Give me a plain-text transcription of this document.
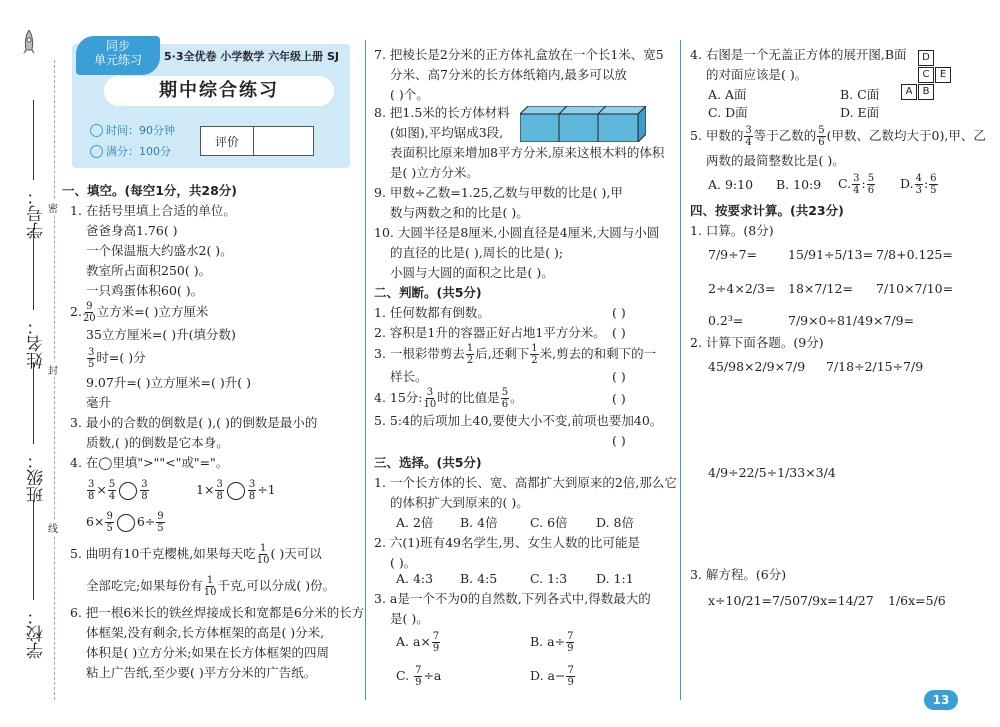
学号：
姓名：
班级：
学校：
密
封
线
同步
单元练习	5·3全优卷 小学数学 六年级上册 SJ
期中综合练习
时间：90分钟
满分：100分
评价
一、填空。(每空1分，共28分)
1. 在括号里填上合适的单位。
爸爸身高1.76( )
一个保温瓶大约盛水2( )。
教室所占面积250( )。
一只鸡蛋体积60( )。
2. $\frac{9}{20}$ 立方米=( )立方厘米
35立方厘米=( )升(填分数)
$\frac{3}{5}$ 时=( )分
9.07升=( )立方厘米=( )升( )
毫升
3. 最小的合数的倒数是( ),( )的倒数是最小的
质数,( )的倒数是它本身。
4. 在◯里填">""<"或"="。
$\frac{3}{8} \times \frac{5}{4} \frac{3}{8}$	$1\times \frac{3}{8} \frac{3}{8} \div 1$
$6\times \frac{9}{5} 6\div \frac{9}{5}$
5. 曲明有10千克樱桃,如果每天吃 $\frac{1}{10}$ ( )天可以
全部吃完;如果每份有 $\frac{1}{10}$ 千克,可以分成( )份。
6. 把一根6米长的铁丝焊接成长和宽都是6分米的长方
体框架,没有剩余,长方体框架的高是( )分米,
体积是( )立方分米;如果在长方体框架的四周
粘上广告纸,至少要( )平方分米的广告纸。
7. 把棱长是2分米的正方体礼盒放在一个长1米、宽5
分米、高7分米的长方体纸箱内,最多可以放
( )个。
8. 把1.5米的长方体材料
(如图),平均锯成3段,
表面积比原来增加8平方分米,原来这根木料的体积
是( )立方分米。
9. 甲数÷乙数=1.25,乙数与甲数的比是( ),甲
数与两数之和的比是( )。
10. 大圆半径是8厘米,小圆直径是4厘米,大圆与小圆
的直径的比是( ),周长的比是( );
小圆与大圆的面积之比是( )。
二、判断。(共5分)
1. 任何数都有倒数。	( )
2. 容积是1升的容器正好占地1平方分米。 ( )
3. 一根彩带剪去 $\frac{1}{2}$ 后,还剩下 $\frac{1}{2}$ 米,剪去的和剩下的一
样长。	( )
4. 15分: $\frac{3}{10}$ 时的比值是 $\frac{5}{6}$ 。	( )
5. 5:4的后项加上40,要使大小不变,前项也要加40。
( )
三、选择。(共5分)
1. 一个长方体的长、宽、高都扩大到原来的2倍,那么它
的体积扩大到原来的( )。
A. 2倍 B. 4倍	C. 6倍 D. 8倍
2. 六(1)班有49名学生,男、女生人数的比可能是
( )。
A. 4:3 B. 4:5	C. 1:3 D. 1:1
3. a是一个不为0的自然数,下列各式中,得数最大的
是( )。
A. $a\times \frac{7}{9}$	B. $a\div \frac{7}{9}$
C. $\frac{7}{9} \div a$	D. $a- \frac{7}{9}$
4. 右图是一个无盖正方体的展开图,B面
的对面应该是( )。
D
C	E
A	B
A. A面	B. C面
C. D面	D. E面
5. 甲数的 $\frac{3}{4}$ 等于乙数的 $\frac{5}{6}$ (甲数、乙数均大于0),甲、乙
两数的最简整数比是( )。
A. 9:10 B. 10:9 C. $\frac{3}{4}$ : $\frac{5}{6} D$. $\frac{4}{3}$ : $\frac{6}{5}$
四、按要求计算。(共23分)
1. 口算。(8分)
7/9÷7= 15/91÷5/13= 7/8+0.125=
2÷4×2/3= 18×7/12= 7/10×7/10=
0.2³=	7/9×0÷81/49×7/9=
2. 计算下面各题。(9分)
45/98×2/9×7/9 7/18÷2/15÷7/9
4/9÷22/5÷1/33×3/4
3. 解方程。(6分)
x÷10/21=7/50 7/9x=14/27 1/6x=5/6
13
